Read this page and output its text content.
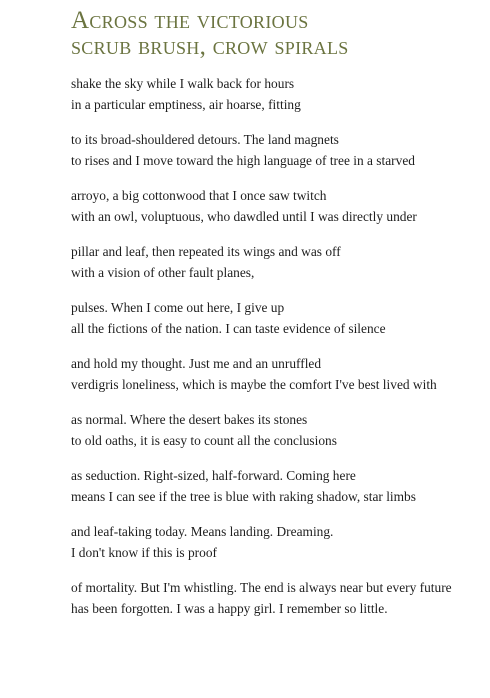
Across the victorious
scrub brush, crow spirals

shake the sky while I walk back for hours
in a particular emptiness, air hoarse, fitting

to its broad-shouldered detours. The land magnets
to rises and I move toward the high language of tree in a starved

arroyo, a big cottonwood that I once saw twitch
with an owl, voluptuous, who dawdled until I was directly under

pillar and leaf, then repeated its wings and was off
with a vision of other fault planes,

pulses. When I come out here, I give up
all the fictions of the nation. I can taste evidence of silence

and hold my thought. Just me and an unruffled
verdigris loneliness, which is maybe the comfort I've best lived with

as normal. Where the desert bakes its stones
to old oaths, it is easy to count all the conclusions

as seduction. Right-sized, half-forward. Coming here
means I can see if the tree is blue with raking shadow, star limbs

and leaf-taking today. Means landing. Dreaming.
I don't know if this is proof

of mortality. But I'm whistling. The end is always near but every future
has been forgotten. I was a happy girl. I remember so little.
